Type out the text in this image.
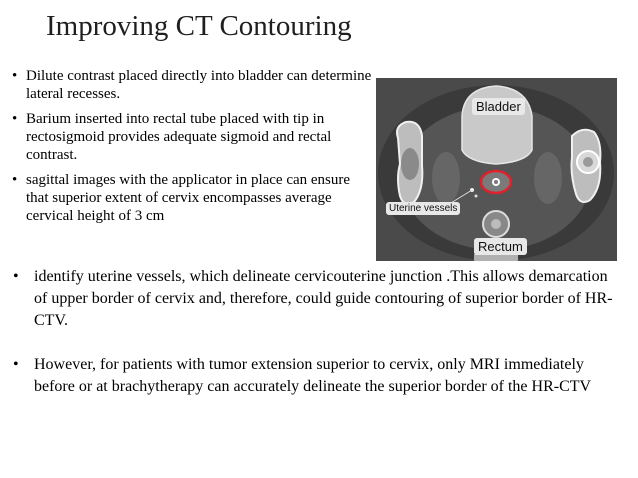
Improving CT Contouring
• Dilute contrast placed directly into bladder can determine lateral recesses.
• Barium inserted into rectal tube placed with tip in rectosigmoid provides adequate sigmoid and rectal contrast.
• sagittal images with the applicator in place can ensure that superior extent of cervix encompasses average cervical height of 3 cm
Bladder
Uterine vessels
Rectum
• identify uterine vessels, which delineate cervicouterine junction .This allows demarcation of upper border of cervix and, therefore, could guide contouring of superior border of HR-CTV.
• However, for patients with tumor extension superior to cervix, only MRI immediately before or at brachytherapy can accurately delineate the superior border of the HR-CTV
